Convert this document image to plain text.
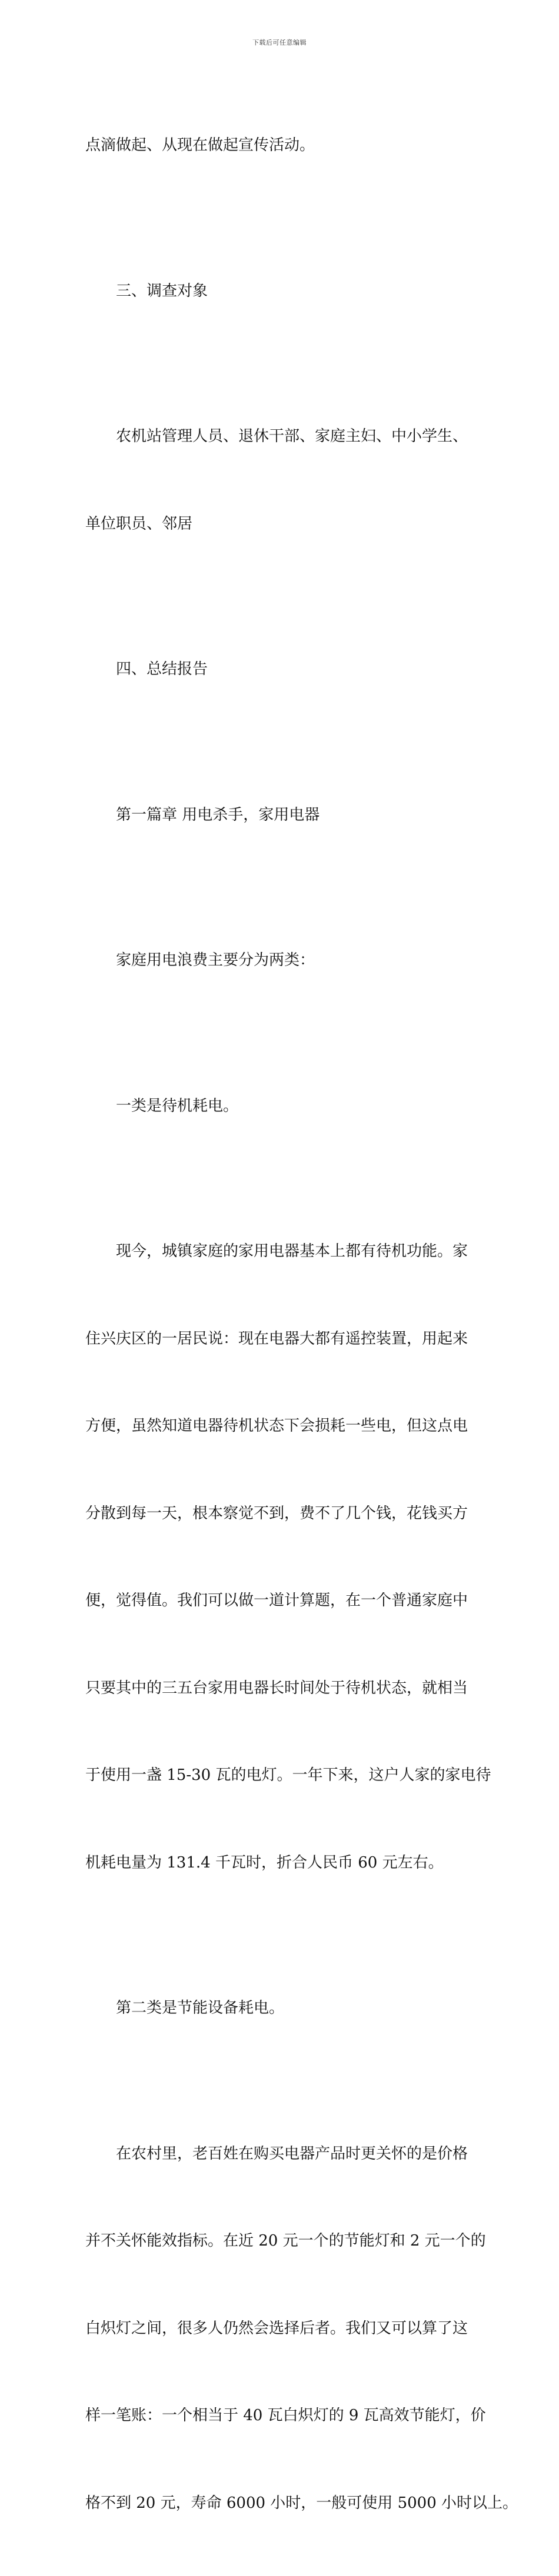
下载后可任意编辑

点滴做起、从现在做起宣传活动。

三、调查对象

农机站管理人员、退休干部、家庭主妇、中小学生、

单位职员、邻居

四、总结报告

第一篇章 用电杀手，家用电器

家庭用电浪费主要分为两类：

一类是待机耗电。

现今，城镇家庭的家用电器基本上都有待机功能。家

住兴庆区的一居民说：现在电器大都有遥控装置，用起来

方便，虽然知道电器待机状态下会损耗一些电，但这点电

分散到每一天，根本察觉不到，费不了几个钱，花钱买方

便，觉得值。我们可以做一道计算题，在一个普通家庭中

只要其中的三五台家用电器长时间处于待机状态，就相当

于使用一盏 15-30 瓦的电灯。一年下来，这户人家的家电待

机耗电量为 131.4 千瓦时，折合人民币 60 元左右。

第二类是节能设备耗电。

在农村里，老百姓在购买电器产品时更关怀的是价格

并不关怀能效指标。在近 20 元一个的节能灯和 2 元一个的

白炽灯之间，很多人仍然会选择后者。我们又可以算了这

样一笔账：一个相当于 40 瓦白炽灯的 9 瓦高效节能灯，价

格不到 20 元，寿命 6000 小时，一般可使用 5000 小时以上。
